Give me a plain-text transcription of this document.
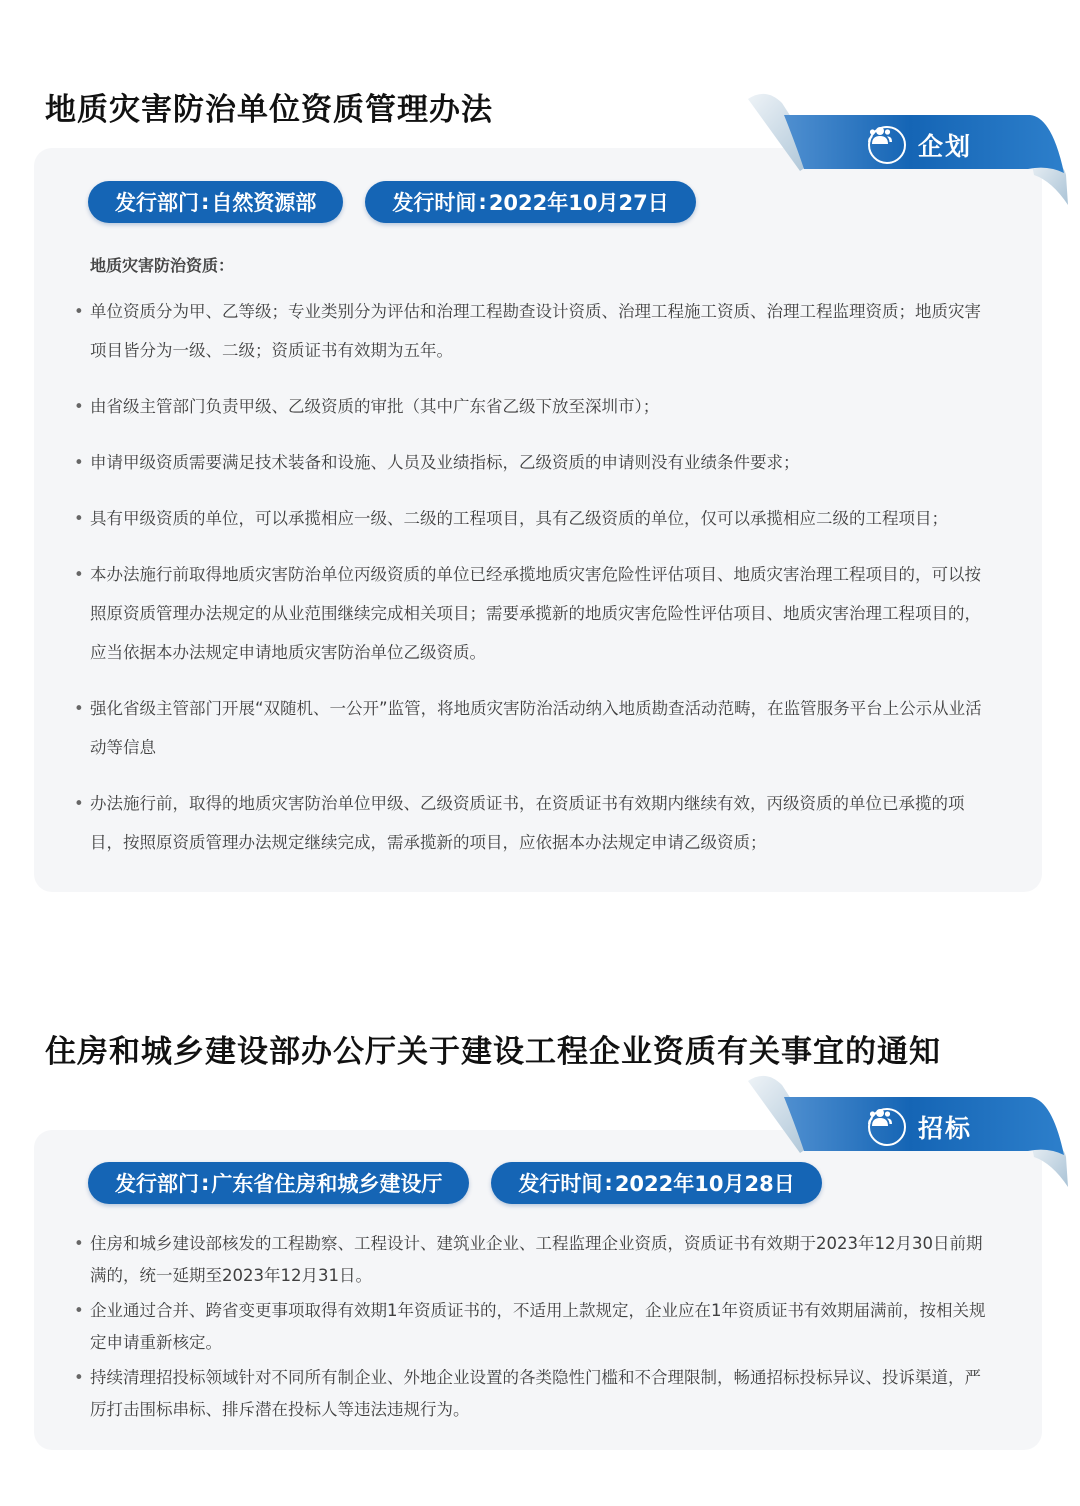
地质灾害防治单位资质管理办法
企划
发行部门 : 自然资源部	发行时间 : 2022年10月27日

地质灾害防治资质：

• 单位资质分为甲、乙等级；专业类别分为评估和治理工程勘查设计资质、治理工程施工资质、治理工程监理资质；地质灾害项目皆分为一级、二级；资质证书有效期为五年。
• 由省级主管部门负责甲级、乙级资质的审批（其中广东省乙级下放至深圳市）；
• 申请甲级资质需要满足技术装备和设施、人员及业绩指标，乙级资质的申请则没有业绩条件要求；
• 具有甲级资质的单位，可以承揽相应一级、二级的工程项目，具有乙级资质的单位，仅可以承揽相应二级的工程项目；
• 本办法施行前取得地质灾害防治单位丙级资质的单位已经承揽地质灾害危险性评估项目、地质灾害治理工程项目的，可以按照原资质管理办法规定的从业范围继续完成相关项目；需要承揽新的地质灾害危险性评估项目、地质灾害治理工程项目的，应当依据本办法规定申请地质灾害防治单位乙级资质。
• 强化省级主管部门开展“双随机、一公开”监管，将地质灾害防治活动纳入地质勘查活动范畴，在监管服务平台上公示从业活动等信息
• 办法施行前，取得的地质灾害防治单位甲级、乙级资质证书，在资质证书有效期内继续有效，丙级资质的单位已承揽的项目，按照原资质管理办法规定继续完成，需承揽新的项目，应依据本办法规定申请乙级资质；
住房和城乡建设部办公厅关于建设工程企业资质有关事宜的通知
招标
发行部门 : 广东省住房和城乡建设厅	发行时间 : 2022年10月28日
• 住房和城乡建设部核发的工程勘察、工程设计、建筑业企业、工程监理企业资质，资质证书有效期于2023年12月30日前期满的，统一延期至2023年12月31日。
• 企业通过合并、跨省变更事项取得有效期1年资质证书的，不适用上款规定，企业应在1年资质证书有效期届满前，按相关规定申请重新核定。
• 持续清理招投标领域针对不同所有制企业、外地企业设置的各类隐性门槛和不合理限制，畅通招标投标异议、投诉渠道，严厉打击围标串标、排斥潜在投标人等违法违规行为。
